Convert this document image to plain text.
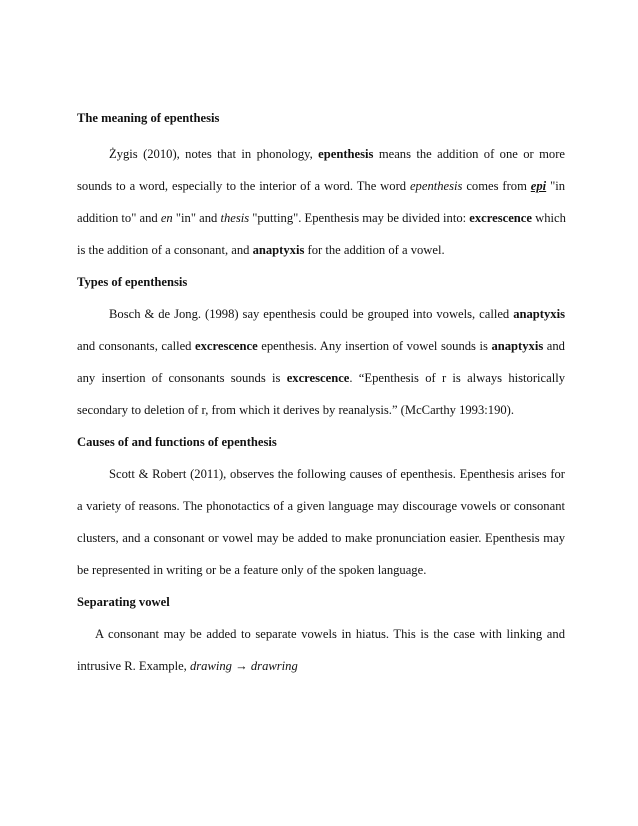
The meaning of epenthesis
Żygis (2010), notes that in phonology, epenthesis means the addition of one or more
sounds to a word, especially to the interior of a word. The word epenthesis comes from epi "in
addition to" and en "in" and thesis "putting". Epenthesis may be divided into: excrescence which
is the addition of a consonant, and anaptyxis for the addition of a vowel.
Types of epenthensis
Bosch & de Jong. (1998) say epenthesis could be grouped into vowels, called anaptyxis
and consonants, called excrescence epenthesis. Any insertion of vowel sounds is anaptyxis and
any insertion of consonants sounds is excrescence. “Epenthesis of r is always historically
secondary to deletion of r, from which it derives by reanalysis.” (McCarthy 1993:190).
Causes of and functions of epenthesis
Scott & Robert (2011), observes the following causes of epenthesis. Epenthesis arises for
a variety of reasons. The phonotactics of a given language may discourage vowels or consonant
clusters, and a consonant or vowel may be added to make pronunciation easier. Epenthesis may
be represented in writing or be a feature only of the spoken language.
Separating vowel
A consonant may be added to separate vowels in hiatus. This is the case with linking and
intrusive R. Example, drawing → drawring
